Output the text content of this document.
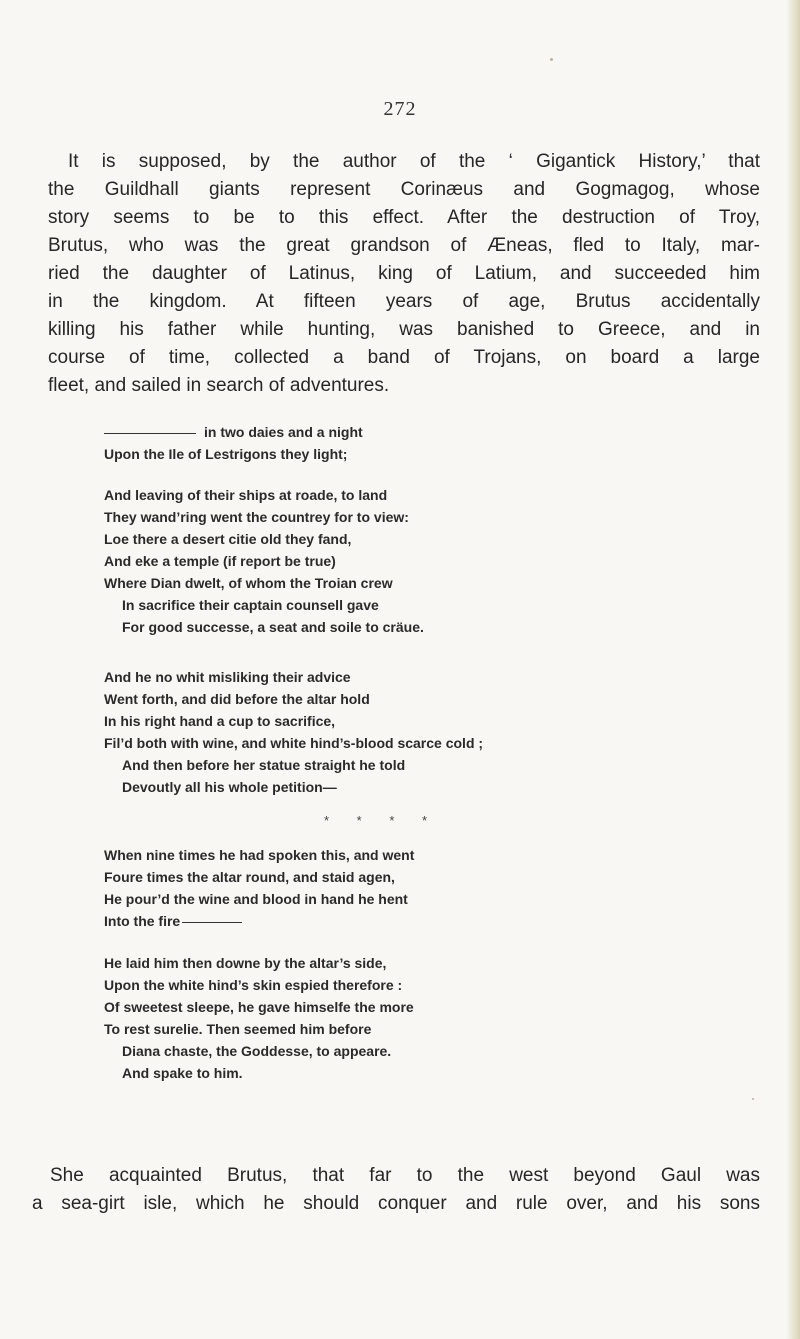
272
It is supposed, by the author of the ‘ Gigantick History,’ that
the Guildhall giants represent Corinæus and Gogmagog, whose
story seems to be to this effect. After the destruction of Troy,
Brutus, who was the great grandson of Æneas, fled to Italy, mar-
ried the daughter of Latinus, king of Latium, and succeeded him
in the kingdom. At fifteen years of age, Brutus accidentally
killing his father while hunting, was banished to Greece, and in
course of time, collected a band of Trojans, on board a large
fleet, and sailed in search of adventures.
in two daies and a night
Upon the Ile of Lestrigons they light;
And leaving of their ships at roade, to land
They wand’ring went the countrey for to view:
Loe there a desert citie old they fand,
And eke a temple (if report be true)
Where Dian dwelt, of whom the Troian crew
In sacrifice their captain counsell gave
For good successe, a seat and soile to cräue.
And he no whit misliking their advice
Went forth, and did before the altar hold
In his right hand a cup to sacrifice,
Fil’d both with wine, and white hind’s-blood scarce cold ;
And then before her statue straight he told
Devoutly all his whole petition—
* * * *
When nine times he had spoken this, and went
Foure times the altar round, and staid agen,
He pour’d the wine and blood in hand he hent
Into the fire
He laid him then downe by the altar’s side,
Upon the white hind’s skin espied therefore :
Of sweetest sleepe, he gave himselfe the more
To rest surelie. Then seemed him before
Diana chaste, the Goddesse, to appeare.
And spake to him.
She acquainted Brutus, that far to the west beyond Gaul was
a sea-girt isle, which he should conquer and rule over, and his sons
